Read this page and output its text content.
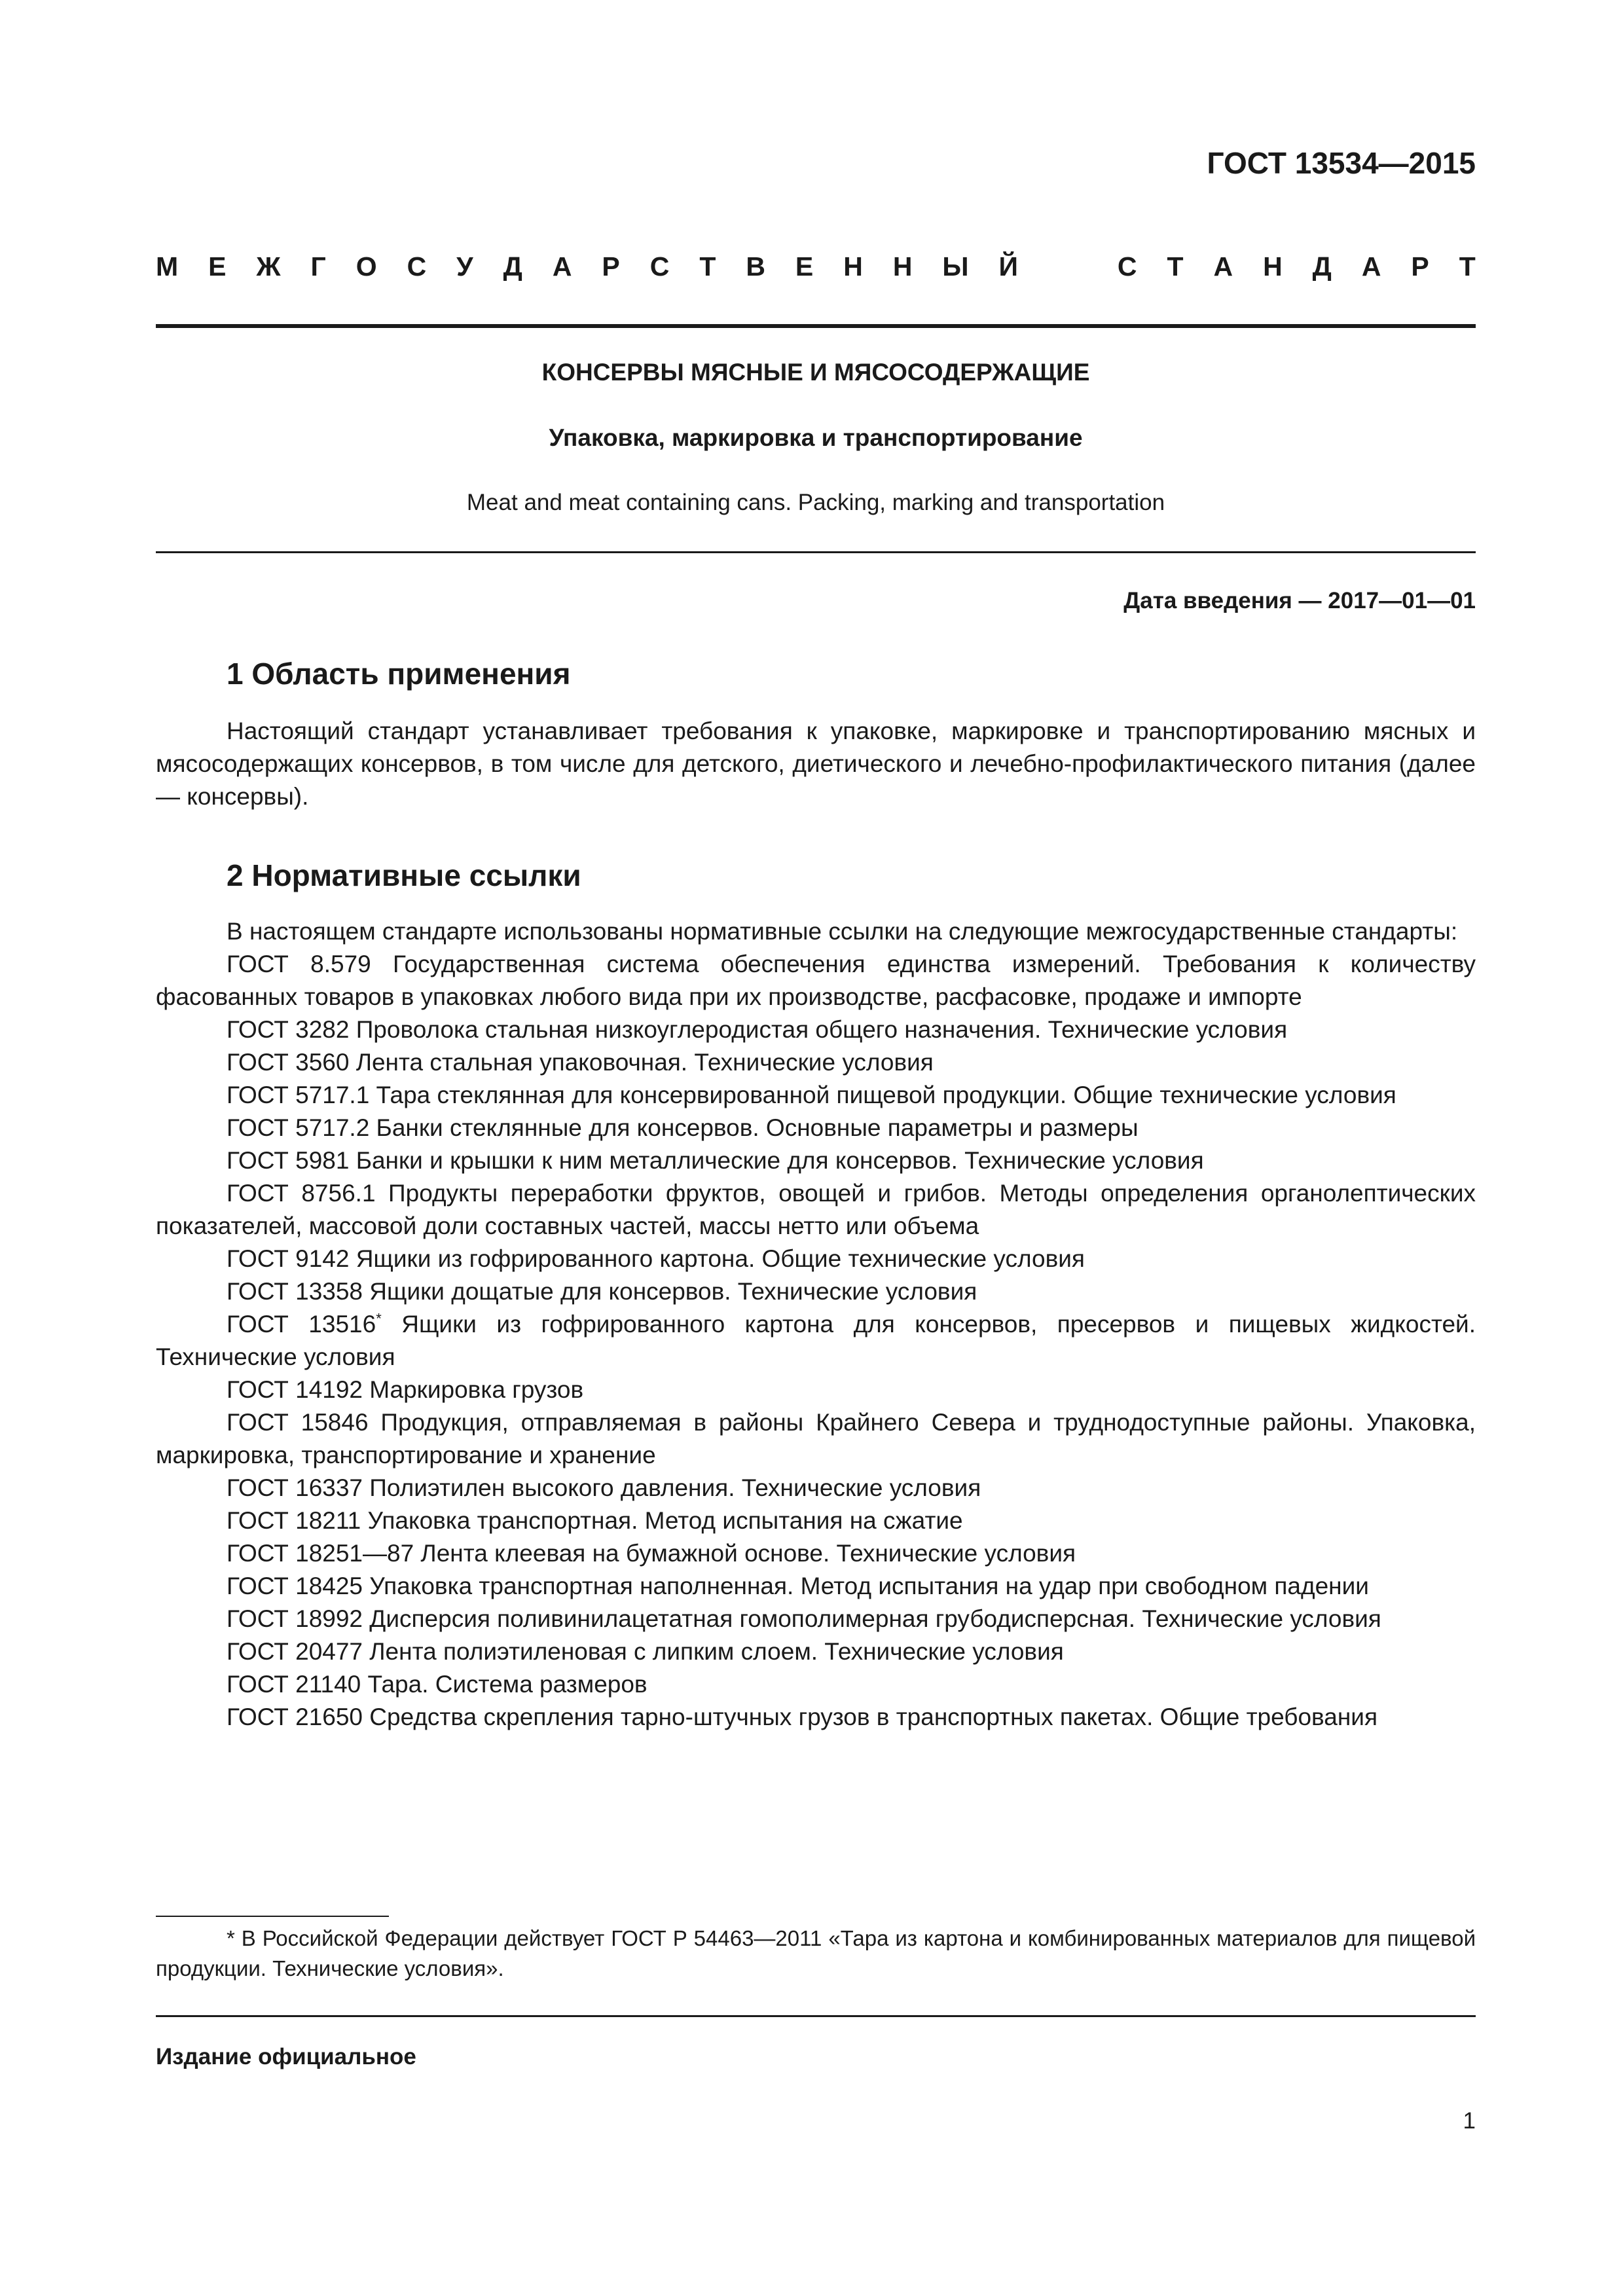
ГОСТ 13534—2015
М Е Ж Г О С У Д А Р С Т В Е Н Н Ы Й	С Т А Н Д А Р Т
КОНСЕРВЫ МЯСНЫЕ И МЯСОСОДЕРЖАЩИЕ
Упаковка, маркировка и транспортирование
Meat and meat containing cans. Packing, marking and transportation
Дата введения — 2017—01—01
1 Область применения
Настоящий стандарт устанавливает требования к упаковке, маркировке и транспортированию мясных и мясосодержащих консервов, в том числе для детского, диетического и лечебно-профилактического питания (далее — консервы).
2 Нормативные ссылки
В настоящем стандарте использованы нормативные ссылки на следующие межгосударственные стандарты:
ГОСТ 8.579 Государственная система обеспечения единства измерений. Требования к количеству фасованных товаров в упаковках любого вида при их производстве, расфасовке, продаже и импорте
ГОСТ 3282 Проволока стальная низкоуглеродистая общего назначения. Технические условия
ГОСТ 3560 Лента стальная упаковочная. Технические условия
ГОСТ 5717.1 Тара стеклянная для консервированной пищевой продукции. Общие технические условия
ГОСТ 5717.2 Банки стеклянные для консервов. Основные параметры и размеры
ГОСТ 5981 Банки и крышки к ним металлические для консервов. Технические условия
ГОСТ 8756.1 Продукты переработки фруктов, овощей и грибов. Методы определения органолептических показателей, массовой доли составных частей, массы нетто или объема
ГОСТ 9142 Ящики из гофрированного картона. Общие технические условия
ГОСТ 13358 Ящики дощатые для консервов. Технические условия
ГОСТ 13516* Ящики из гофрированного картона для консервов, пресервов и пищевых жидкостей. Технические условия
ГОСТ 14192 Маркировка грузов
ГОСТ 15846 Продукция, отправляемая в районы Крайнего Севера и труднодоступные районы. Упаковка, маркировка, транспортирование и хранение
ГОСТ 16337 Полиэтилен высокого давления. Технические условия
ГОСТ 18211 Упаковка транспортная. Метод испытания на сжатие
ГОСТ 18251—87 Лента клеевая на бумажной основе. Технические условия
ГОСТ 18425 Упаковка транспортная наполненная. Метод испытания на удар при свободном падении
ГОСТ 18992 Дисперсия поливинилацетатная гомополимерная грубодисперсная. Технические условия
ГОСТ 20477 Лента полиэтиленовая с липким слоем. Технические условия
ГОСТ 21140 Тара. Система размеров
ГОСТ 21650 Средства скрепления тарно-штучных грузов в транспортных пакетах. Общие требования
* В Российской Федерации действует ГОСТ Р 54463—2011 «Тара из картона и комбинированных материалов для пищевой продукции. Технические условия».
Издание официальное
1
